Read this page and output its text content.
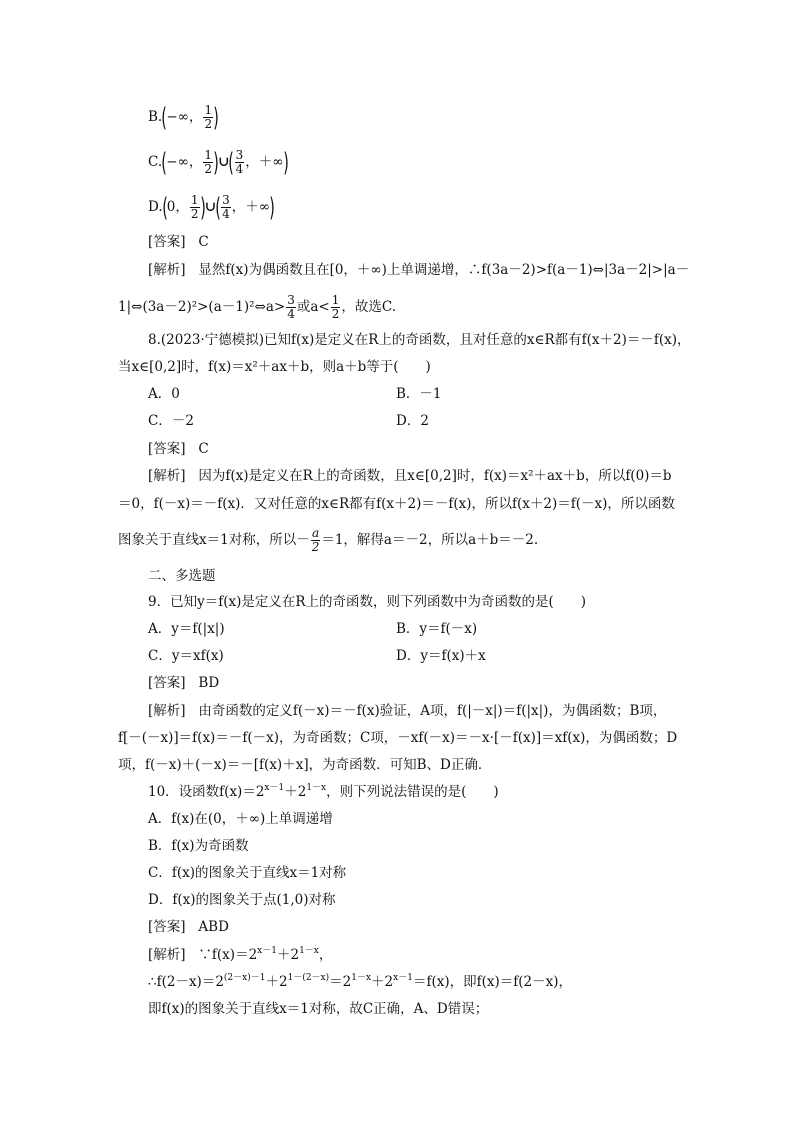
B.(−∞， $\frac{1}{2}$ )
C.(−∞， $\frac{1}{2}$ )∪( $\frac{3}{4}$ ，＋∞)
D.(0， $\frac{1}{2}$ )∪( $\frac{3}{4}$ ，＋∞)
[答案] C
[解析] 显然f(x)为偶函数且在[0，＋∞)上单调递增，∴f(3a－2)>f(a－1)⇔|3a－2|>|a－
1|⇔(3a－2)²>(a－1)²⇔a> $\frac{3}{4}$ 或$a< \frac{1}{2}$ ，故选C.
8.(2023·宁德模拟)已知f(x)是定义在R上的奇函数，且对任意的x∈R都有f(x＋2)＝－f(x)，
当x∈[0,2]时，f(x)＝x²＋ax＋b，则a＋b等于(　　)
A．0	B．－1
C．－2	D．2
[答案] C
[解析] 因为f(x)是定义在R上的奇函数，且x∈[0,2]时，f(x)＝x²＋ax＋b，所以f(0)＝b
＝0，f(－x)＝－f(x)．又对任意的x∈R都有f(x＋2)＝－f(x)，所以f(x＋2)＝f(－x)，所以函数
图象关于直线x＝1对称，所以－ $\frac{a}{2} =1$，解得a＝－2，所以a＋b＝－2.
二、多选题
9．已知y＝f(x)是定义在R上的奇函数，则下列函数中为奇函数的是(　　)
A．y＝f(|x|)	B．y＝f(－x)
C．y＝xf(x)	D．y＝f(x)＋x
[答案] BD
[解析] 由奇函数的定义f(－x)＝－f(x)验证，A项，f(|－x|)＝f(|x|)，为偶函数；B项，
f[－(－x)]＝f(x)＝－f(－x)，为奇函数；C项，－xf(－x)＝－x·[－f(x)]＝xf(x)，为偶函数；D
项，f(－x)＋(－x)＝－[f(x)＋x]，为奇函数．可知B、D正确．
10．设函数$f(x)=2^{x-1}+2^{1-x}$，则下列说法错误的是(　　)
A．f(x)在(0，＋∞)上单调递增
B．f(x)为奇函数
C．f(x)的图象关于直线x＝1对称
D．f(x)的图象关于点(1,0)对称
[答案] ABD
[解析] $\because f(x)=2^{x-1}+2^{1-x}$，
$\therefore f(2-x)=2^{(2-x)-1}+2^{1-(2-x)}=2^{1-x}+2^{x-1}=f(x)$，即f(x)＝f(2－x)，
即f(x)的图象关于直线x＝1对称，故C正确，A、D错误；
